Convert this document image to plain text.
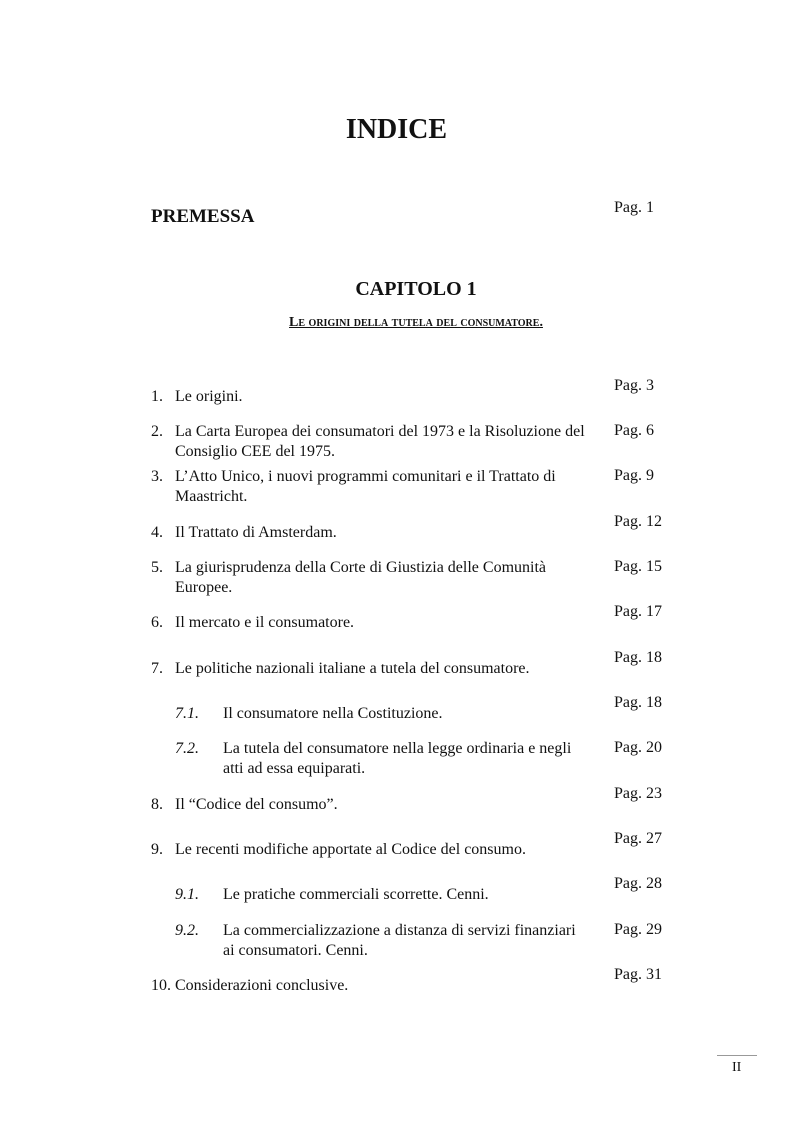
INDICE
PREMESSA	Pag. 1
CAPITOLO 1
Le origini della tutela del consumatore.
1. Le origini.
Pag. 3
2. La Carta Europea dei consumatori del 1973 e la Risoluzione del Consiglio CEE del 1975.
Pag. 6
3. L’Atto Unico, i nuovi programmi comunitari e il Trattato di Maastricht.
Pag. 9
4. Il Trattato di Amsterdam.
Pag. 12
5. La giurisprudenza della Corte di Giustizia delle Comunità Europee.
Pag. 15
6. Il mercato e il consumatore.
Pag. 17
7. Le politiche nazionali italiane a tutela del consumatore.
Pag. 18
7.1. Il consumatore nella Costituzione.
Pag. 18
7.2. La tutela del consumatore nella legge ordinaria e negli atti ad essa equiparati.
Pag. 20
8. Il “Codice del consumo”.
Pag. 23
9. Le recenti modifiche apportate al Codice del consumo.
Pag. 27
9.1. Le pratiche commerciali scorrette. Cenni.
Pag. 28
9.2. La commercializzazione a distanza di servizi finanziari ai consumatori. Cenni.
Pag. 29
10. Considerazioni conclusive.
Pag. 31
II
